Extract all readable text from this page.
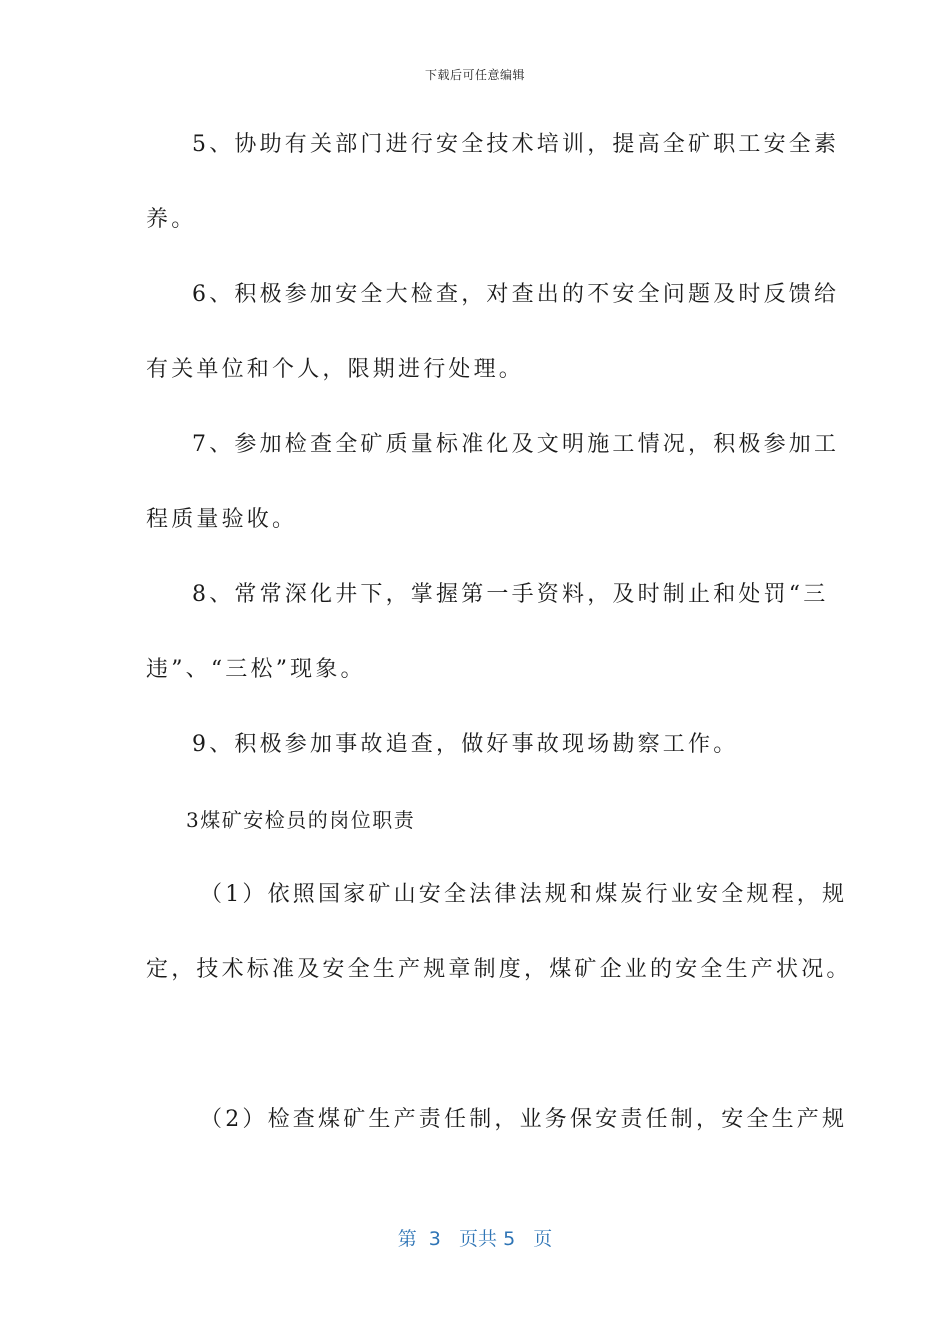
下载后可任意编辑
5、协助有关部门进行安全技术培训，提高全矿职工安全素
养。
6、积极参加安全大检查，对查出的不安全问题及时反馈给
有关单位和个人，限期进行处理。
7、参加检查全矿质量标准化及文明施工情况，积极参加工
程质量验收。
8、常常深化井下，掌握第一手资料，及时制止和处罚“三
违”、“三松”现象。
9、积极参加事故追查，做好事故现场勘察工作。
3煤矿安检员的岗位职责
（1）依照国家矿山安全法律法规和煤炭行业安全规程，规
定，技术标准及安全生产规章制度，煤矿企业的安全生产状况。
（2）检查煤矿生产责任制，业务保安责任制，安全生产规
第 3 页共 5 页
